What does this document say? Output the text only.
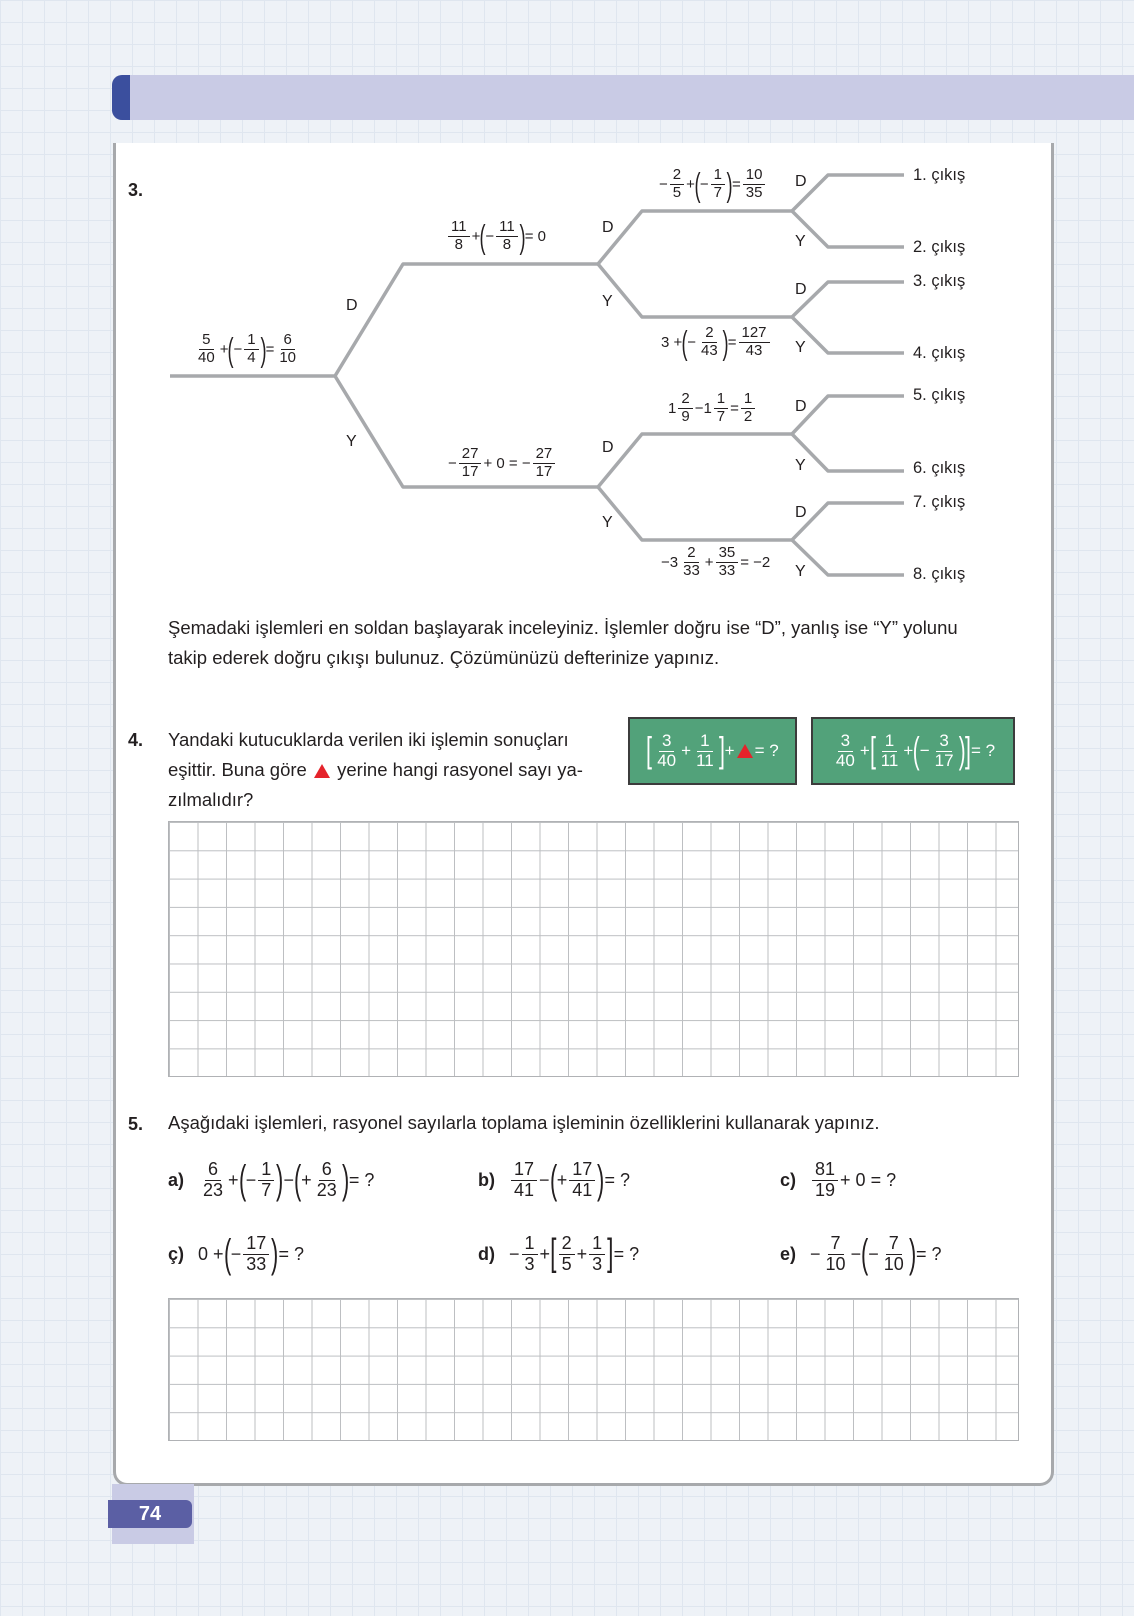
3.
$\frac{5}{40}$ + ( − $\frac{1}{4}$ ) = $\frac{6}{10}$
$\frac{11}{8}$ + ( − $\frac{11}{8}$ ) = 0
− $\frac{27}{17} + 0$ = − $\frac{27}{17}$
− $\frac{2}{5}$ + ( − $\frac{1}{7}$ ) = $\frac{10}{35}$
3 + ( − $\frac{2}{43}$ ) = $\frac{127}{43}$
$1 \frac{2}{9} -1 \frac{1}{7} = \frac{1}{2}$
$-3 \frac{2}{33} + \frac{35}{33} = -2$
D
Y
D
Y
D
Y
D
Y
D
Y
D
Y
D
Y
1. çıkış
2. çıkış
3. çıkış
4. çıkış
5. çıkış
6. çıkış
7. çıkış
8. çıkış
Şemadaki işlemleri en soldan başlayarak inceleyiniz. İşlemler doğru ise “D”, yanlış ise “Y” yolunu
takip ederek doğru çıkışı bulunuz. Çözümünüzü defterinize yapınız.
4. Yandaki kutucuklarda verilen iki işlemin sonuçları
eşittir. Buna göre yerine hangi rasyonel sayı ya-
zılmalıdır?
[ $\frac{3}{40} + \frac{1}{11}$ ] + = ?	$\frac{3}{40}$ + [ $\frac{1}{11}$ + ( − $\frac{3}{17}$ ) ] = ?
5. Aşağıdaki işlemleri, rasyonel sayılarla toplama işleminin özelliklerini kullanarak yapınız.
$a) \frac{6}{23}$ + ( − $\frac{1}{7}$ ) − ( + $\frac{6}{23}$ ) = ?	$b) \frac{17}{41}$ − ( + $\frac{17}{41}$ ) = ?	$c) \frac{81}{19} + 0$ = ?
ç) 0 + ( − $\frac{17}{33}$ ) = ?	$d) - \frac{1}{3}$ + [ $\frac{2}{5} + \frac{1}{3}$ ] = ?	$e) - \frac{7}{10}$ − ( − $\frac{7}{10}$ ) = ?
74
